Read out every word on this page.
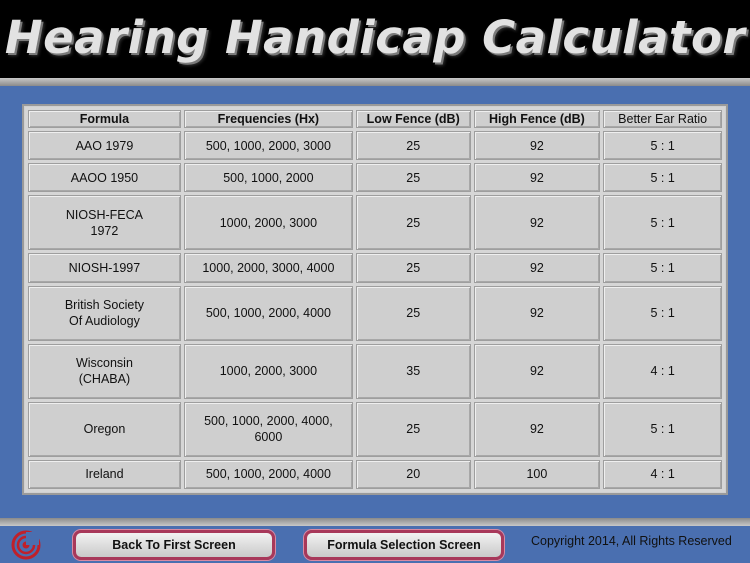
Hearing Handicap Calculator
Formula	Frequencies (Hx)	Low Fence (dB)	High Fence (dB)	Better Ear Ratio
AAO 1979	500, 1000, 2000, 3000	25	92	5 : 1
AAOO 1950	500, 1000, 2000	25	92	5 : 1
NIOSH-FECA
1972	1000, 2000, 3000	25	92	5 : 1
NIOSH-1997	1000, 2000, 3000, 4000	25	92	5 : 1
British Society
Of Audiology	500, 1000, 2000, 4000	25	92	5 : 1
Wisconsin
(CHABA)	1000, 2000, 3000	35	92	4 : 1
Oregon	500, 1000, 2000, 4000, 6000	25	92	5 : 1
Ireland	500, 1000, 2000, 4000	20	100	4 : 1
Back To First Screen	Formula Selection Screen	Copyright 2014, All Rights Reserved
